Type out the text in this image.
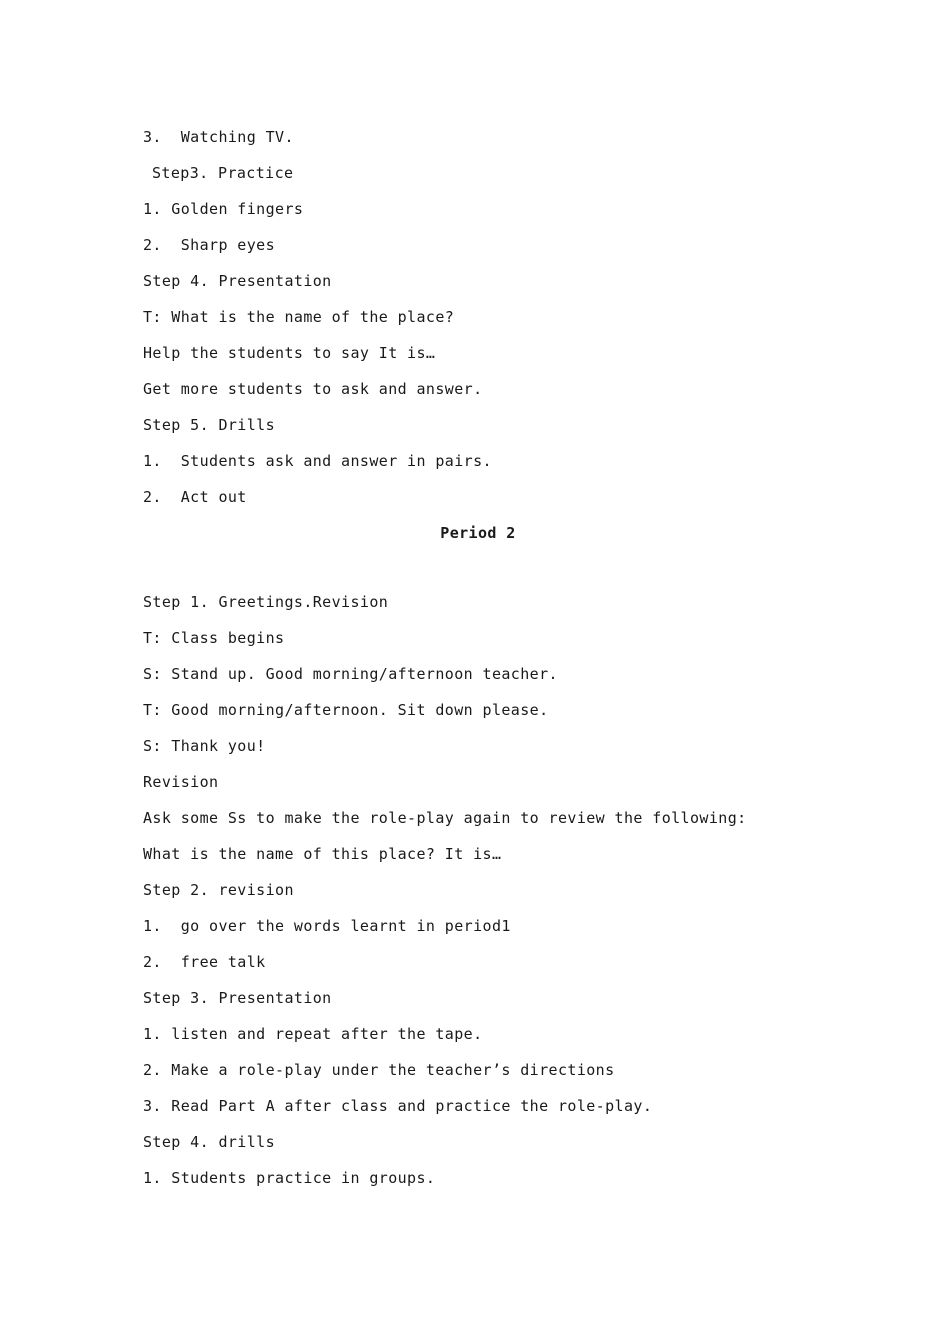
3.  Watching TV.
Step3. Practice
1. Golden fingers
2.  Sharp eyes
Step 4. Presentation
T: What is the name of the place?
Help the students to say It is…
Get more students to ask and answer.
Step 5. Drills
1.  Students ask and answer in pairs.
2.  Act out
Period 2
Step 1. Greetings.Revision
T: Class begins
S: Stand up. Good morning/afternoon teacher.
T: Good morning/afternoon. Sit down please.
S: Thank you!
Revision
Ask some Ss to make the role-play again to review the following:
What is the name of this place? It is…
Step 2. revision
1.  go over the words learnt in period1
2.  free talk
Step 3. Presentation
1. listen and repeat after the tape.
2. Make a role-play under the teacher’s directions
3. Read Part A after class and practice the role-play.
Step 4. drills
1. Students practice in groups.
